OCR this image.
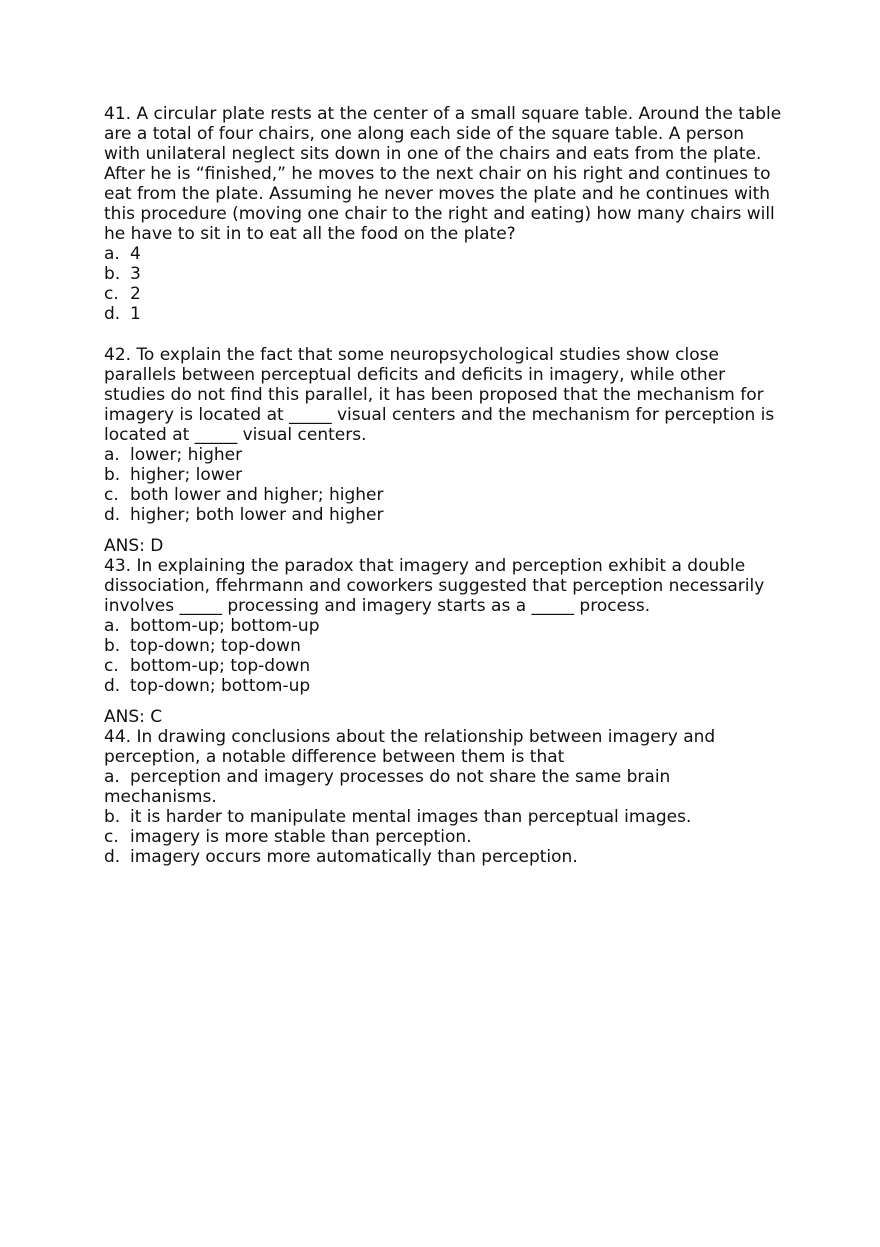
41. A circular plate rests at the center of a small square table. Around the table are a total of four chairs, one along each side of the square table. A person with unilateral neglect sits down in one of the chairs and eats from the plate. After he is “finished,” he moves to the next chair on his right and continues to eat from the plate. Assuming he never moves the plate and he continues with this procedure (moving one chair to the right and eating) how many chairs will he have to sit in to eat all the food on the plate?

a. 4
b. 3
c. 2
d. 1

42. To explain the fact that some neuropsychological studies show close parallels between perceptual deficits and deficits in imagery, while other studies do not find this parallel, it has been proposed that the mechanism for imagery is located at _____ visual centers and the mechanism for perception is located at _____ visual centers.

a. lower; higher
b. higher; lower
c. both lower and higher; higher
d. higher; both lower and higher

ANS: D

43. In explaining the paradox that imagery and perception exhibit a double dissociation, ffehrmann and coworkers suggested that perception necessarily involves _____ processing and imagery starts as a _____ process.

a. bottom-up; bottom-up
b. top-down; top-down
c. bottom-up; top-down
d. top-down; bottom-up

ANS: C

44. In drawing conclusions about the relationship between imagery and perception, a notable difference between them is that

a. perception and imagery processes do not share the same brain mechanisms.
b. it is harder to manipulate mental images than perceptual images.
c. imagery is more stable than perception.
d. imagery occurs more automatically than perception.
